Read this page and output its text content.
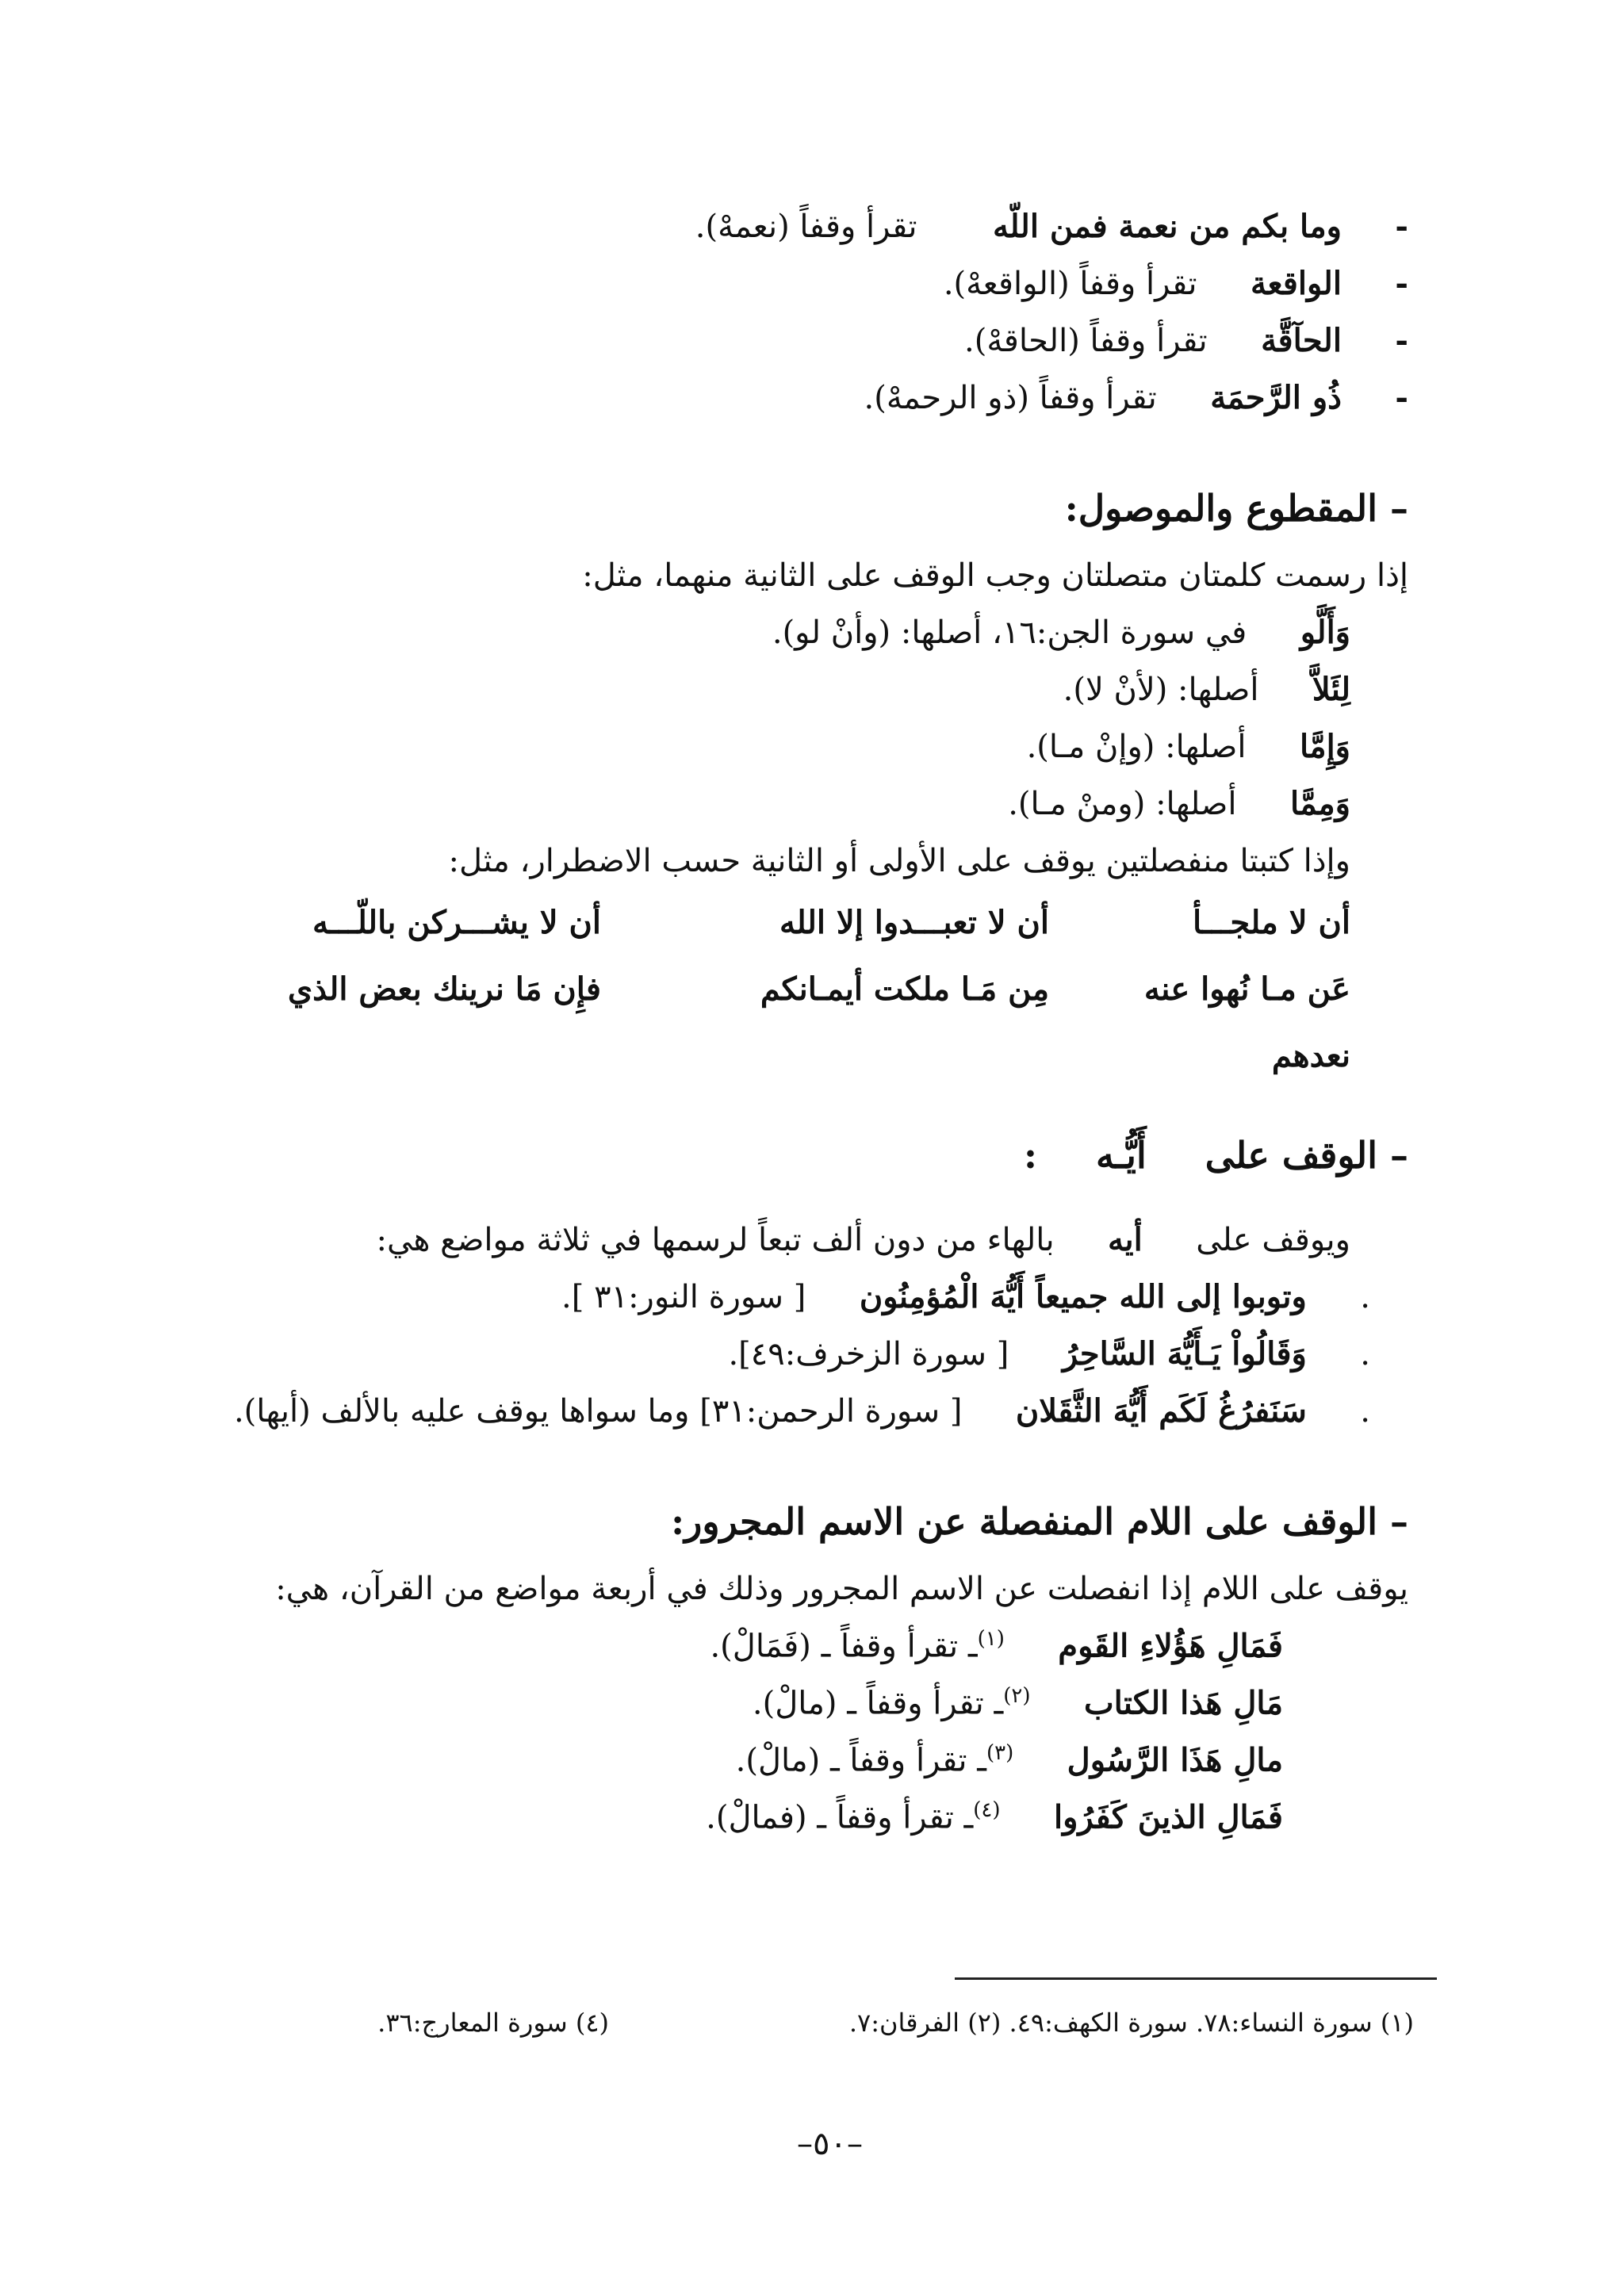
-  وما بكم من نعمة فمن اللّه  تقرأ وقفاً (نعمهْ).
-  الواقعة  تقرأ وقفاً (الواقعهْ).
-  الحآقَّة  تقرأ وقفاً (الحاقهْ).
-  ذُو الرَّحمَة  تقرأ وقفاً (ذو الرحمهْ).
– المقطوع والموصول:
إذا رسمت كلمتان متصلتان وجب الوقف على الثانية منهما، مثل:
وَأَلَّو  في سورة الجن:١٦، أصلها: (وأنْ لو).
لِئَلاَّ  أصلها: (لأنْ لا).
وَإِمَّا  أصلها: (وإنْ مـا).
وَمِمَّا  أصلها: (ومنْ مـا).
وإذا كتبتا منفصلتين يوقف على الأولى أو الثانية حسب الاضطرار، مثل:
أن لا ملجـــأ
أن لا تعبـــدوا إلا الله
أن لا يشـــركن باللّـــه
عَن مـا نُهوا عنه
مِن مَـا ملكت أيمـانكم
فإِن مَا نرينك بعض الذي
نعدهم
– الوقف على  أَيُّـه  :
ويوقف على  أيه  بالهاء من دون ألف تبعاً لرسمها في ثلاثة مواضع هي:
.  وتوبوا إلى الله جميعاً أَيُّهَ الْمُؤمِنُون  [ سورة النور:٣١ ].
.  وَقَالُواْ يَـأَيُّهَ السَّاحِرُ  [ سورة الزخرف:٤٩].
.  سَنَفرُغُ لَكَم أَيُّهَ الثَّقَلان  [ سورة الرحمن:٣١] وما سواها يوقف عليه بالألف (أيها).
– الوقف على اللام المنفصلة عن الاسم المجرور:
يوقف على اللام إذا انفصلت عن الاسم المجرور وذلك في أربعة مواضع من القرآن، هي:
فَمَالِ هَؤُلاءِ القَوم  $^{(١)}$ـ تقرأ وقفاً ـ (فَمَالْ).
مَالِ هَذا الكتاب  $^{(٢)}$ـ تقرأ وقفاً ـ (مالْ).
مالِ هَذَا الرَّسُول  $^{(٣)}$ـ تقرأ وقفاً ـ (مالْ).
فَمَالِ الذينَ كَفَرُوا  $^{(٤)}$ـ تقرأ وقفاً ـ (فمالْ).
(١) سورة النساء:٧٨. سورة الكهف:٤٩. (٢) الفرقان:٧.
(٤) سورة المعارج:٣٦.
–٥٠–
